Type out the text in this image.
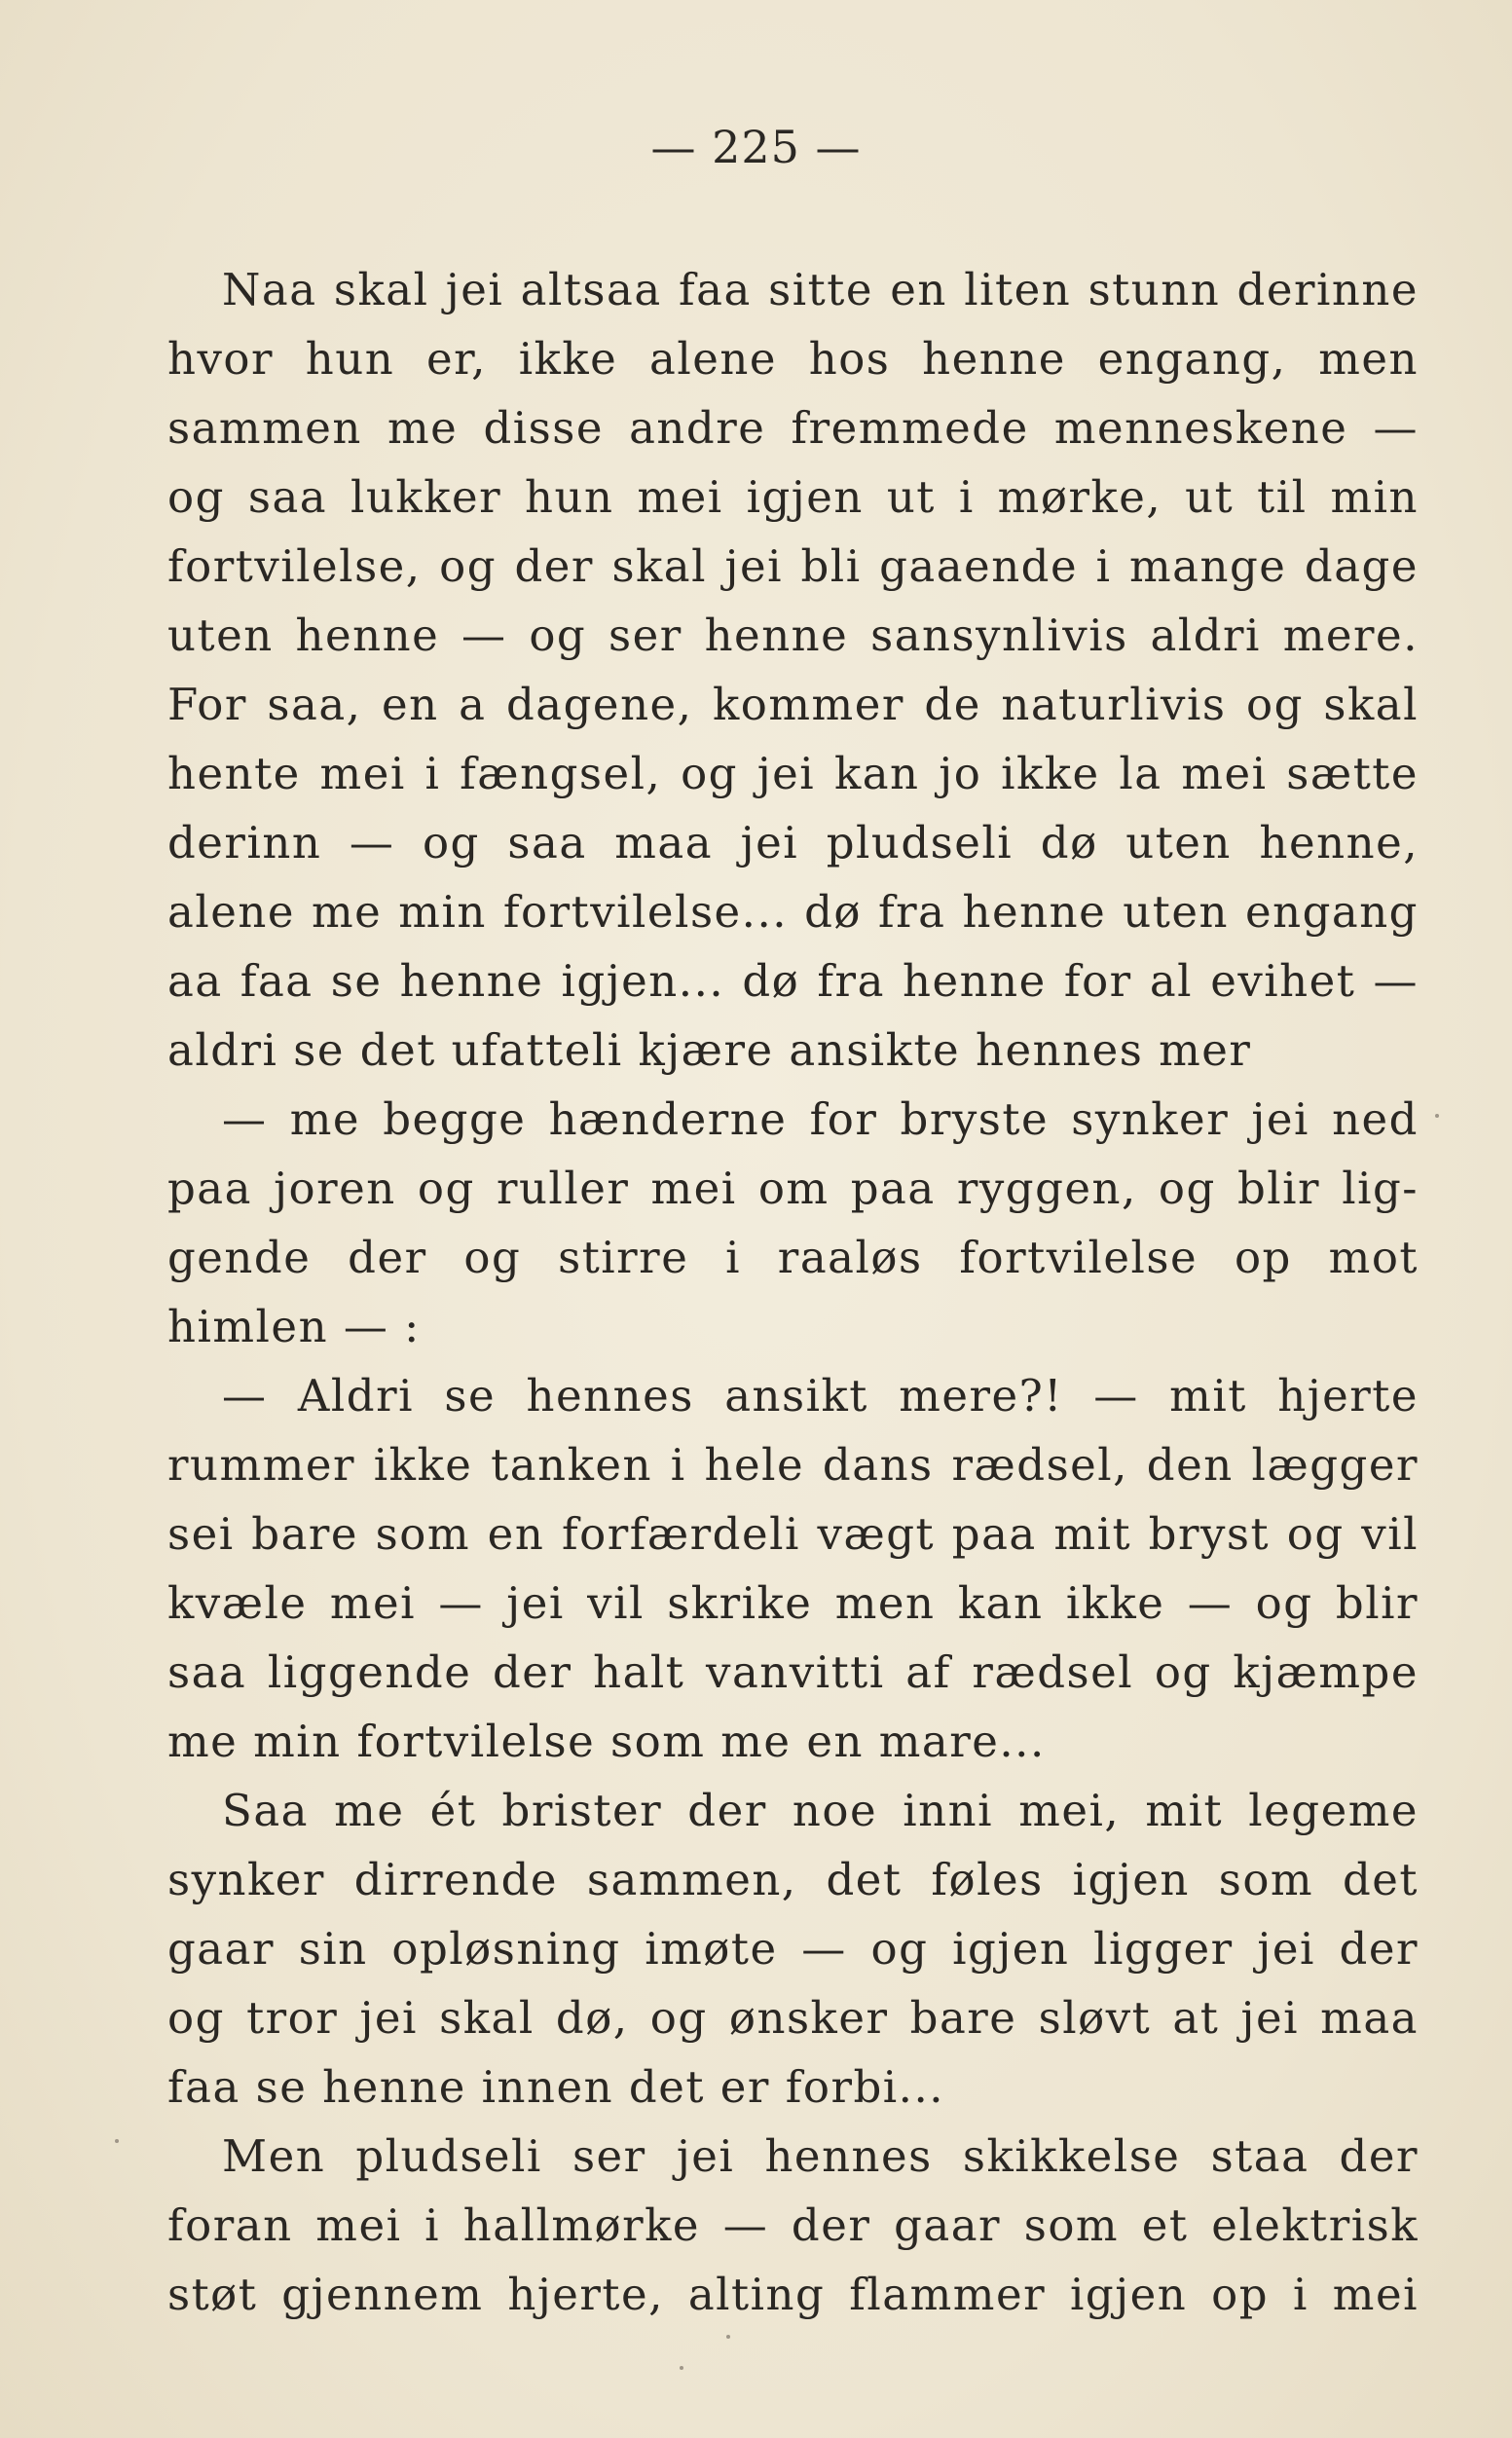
— 225 —
Naa skal jei altsaa faa sitte en liten stunn derinne
hvor hun er, ikke alene hos henne engang, men
sammen me disse andre fremmede menneskene —
og saa lukker hun mei igjen ut i mørke, ut til min
fortvilelse, og der skal jei bli gaaende i mange dage
uten henne — og ser henne sansynlivis aldri mere.
For saa, en a dagene, kommer de naturlivis og skal
hente mei i fængsel, og jei kan jo ikke la mei sætte
derinn — og saa maa jei pludseli dø uten henne,
alene me min fortvilelse... dø fra henne uten engang
aa faa se henne igjen... dø fra henne for al evihet —
aldri se det ufatteli kjære ansikte hennes mer
— me begge hænderne for bryste synker jei ned
paa joren og ruller mei om paa ryggen, og blir lig-
gende der og stirre i raaløs fortvilelse op mot
himlen — :
— Aldri se hennes ansikt mere?! — mit hjerte
rummer ikke tanken i hele dans rædsel, den lægger
sei bare som en forfærdeli vægt paa mit bryst og vil
kvæle mei — jei vil skrike men kan ikke — og blir
saa liggende der halt vanvitti af rædsel og kjæmpe
me min fortvilelse som me en mare...
Saa me ét brister der noe inni mei, mit legeme
synker dirrende sammen, det føles igjen som det
gaar sin opløsning imøte — og igjen ligger jei der
og tror jei skal dø, og ønsker bare sløvt at jei maa
faa se henne innen det er forbi...
Men pludseli ser jei hennes skikkelse staa der
foran mei i hallmørke — der gaar som et elektrisk
støt gjennem hjerte, alting flammer igjen op i mei
